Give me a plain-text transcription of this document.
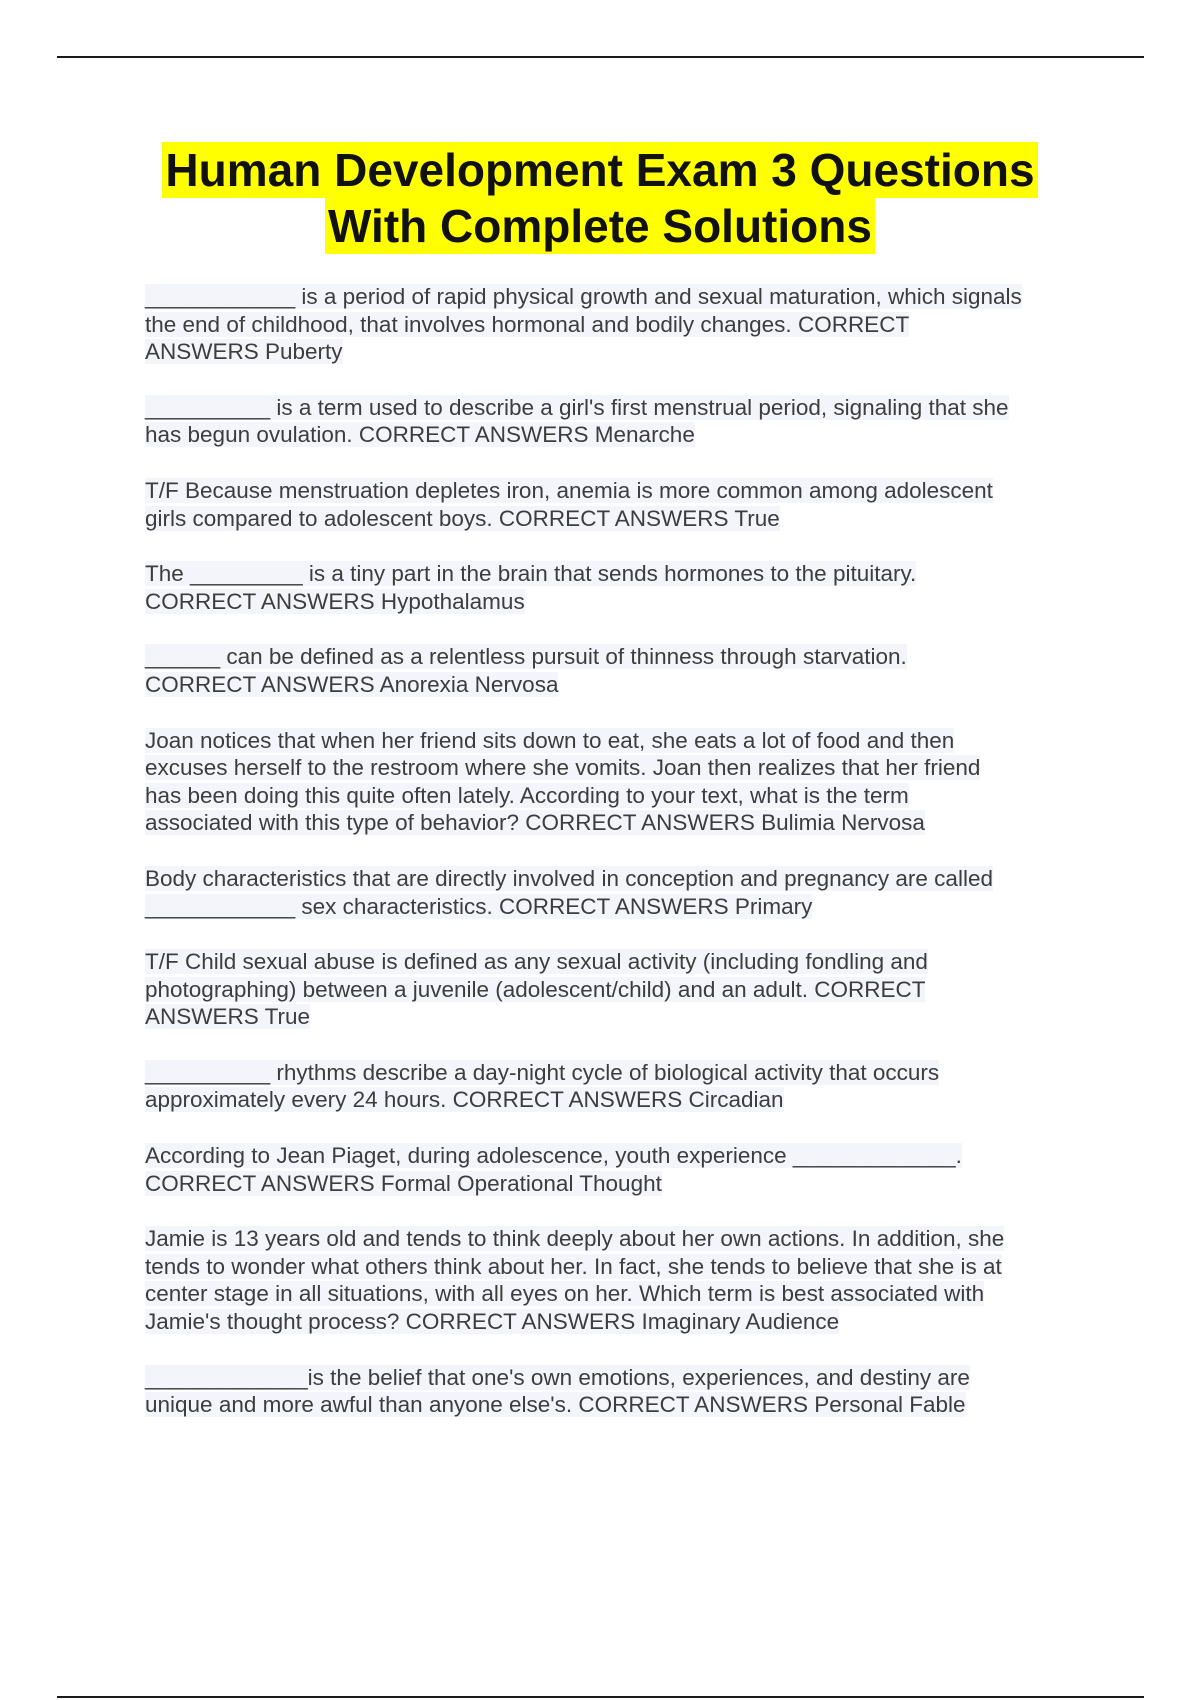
Human Development Exam 3 Questions
With Complete Solutions
____________ is a period of rapid physical growth and sexual maturation, which signals
the end of childhood, that involves hormonal and bodily changes. CORRECT
ANSWERS Puberty
__________ is a term used to describe a girl's first menstrual period, signaling that she
has begun ovulation. CORRECT ANSWERS Menarche
T/F Because menstruation depletes iron, anemia is more common among adolescent
girls compared to adolescent boys. CORRECT ANSWERS True
The _________ is a tiny part in the brain that sends hormones to the pituitary.
CORRECT ANSWERS Hypothalamus
______ can be defined as a relentless pursuit of thinness through starvation.
CORRECT ANSWERS Anorexia Nervosa
Joan notices that when her friend sits down to eat, she eats a lot of food and then
excuses herself to the restroom where she vomits. Joan then realizes that her friend
has been doing this quite often lately. According to your text, what is the term
associated with this type of behavior? CORRECT ANSWERS Bulimia Nervosa
Body characteristics that are directly involved in conception and pregnancy are called
____________ sex characteristics. CORRECT ANSWERS Primary
T/F Child sexual abuse is defined as any sexual activity (including fondling and
photographing) between a juvenile (adolescent/child) and an adult. CORRECT
ANSWERS True
__________ rhythms describe a day-night cycle of biological activity that occurs
approximately every 24 hours. CORRECT ANSWERS Circadian
According to Jean Piaget, during adolescence, youth experience _____________.
CORRECT ANSWERS Formal Operational Thought
Jamie is 13 years old and tends to think deeply about her own actions. In addition, she
tends to wonder what others think about her. In fact, she tends to believe that she is at
center stage in all situations, with all eyes on her. Which term is best associated with
Jamie's thought process? CORRECT ANSWERS Imaginary Audience
_____________is the belief that one's own emotions, experiences, and destiny are
unique and more awful than anyone else's. CORRECT ANSWERS Personal Fable
